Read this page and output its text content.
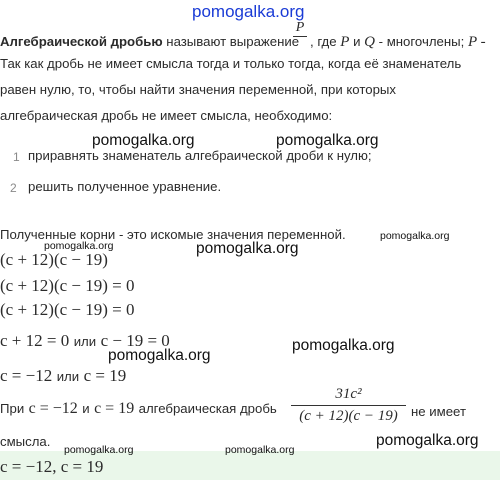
pomogalka.org
Алгебраической дробью называют выражение
P
, где P и Q - многочлены; P -
Так как дробь не имеет смысла тогда и только тогда, когда её знаменатель
равен нулю, то, чтобы найти значения переменной, при которых
алгебраическая дробь не имеет смысла, необходимо:
pomogalka.org	pomogalka.org
1 приравнять знаменатель алгебраической дроби к нулю;
2 решить полученное уравнение.
Полученные корни - это искомые значения переменной.	pomogalka.org
pomogalka.org	pomogalka.org
(c + 12)(c − 19)
(c + 12)(c − 19) = 0
(c + 12)(c − 19) = 0
c + 12 = 0 или c − 19 = 0	pomogalka.org
pomogalka.org
c = −12 или c = 19
При c = −12 и c = 19 алгебраическая дробь
31c²
(c + 12)(c − 19)	не имеет
смысла.	pomogalka.org
pomogalka.org	pomogalka.org
c = −12, c = 19
